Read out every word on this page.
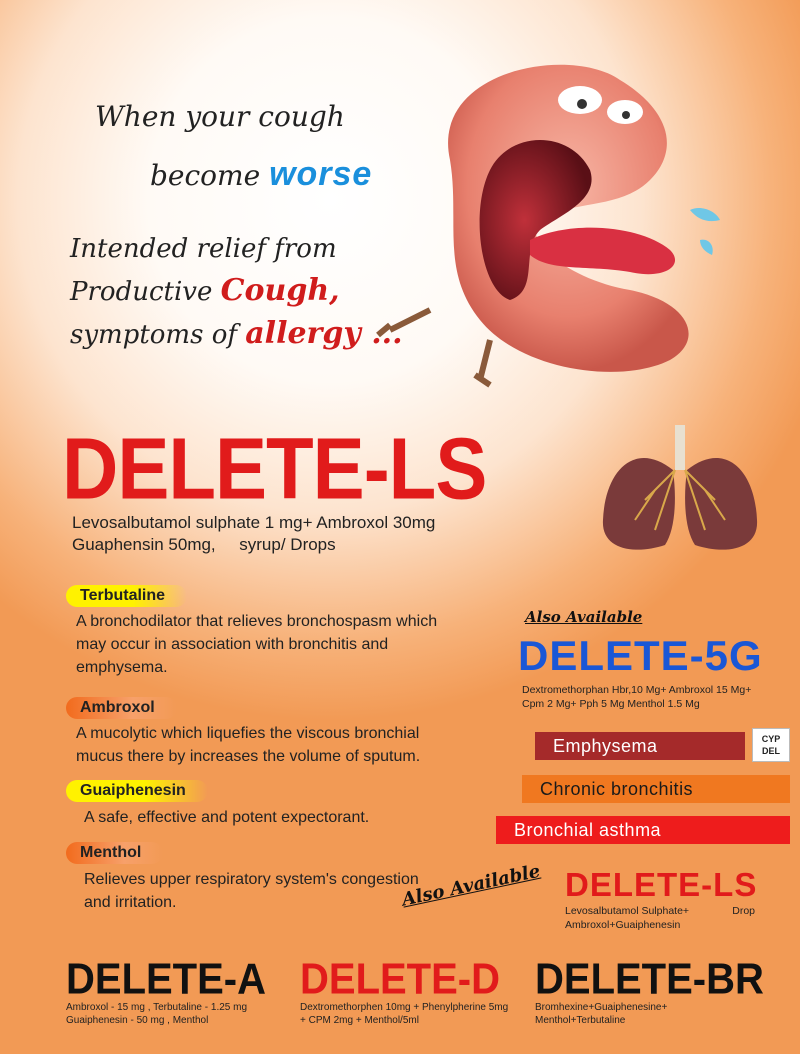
When your cough
become worse
Intended relief from
Productive Cough,
symptoms of allergy ...
DELETE-LS
Levosalbutamol sulphate 1 mg+ Ambroxol 30mg
Guaphensin 50mg,     syrup/ Drops
Terbutaline
A bronchodilator that relieves bronchospasm which
may occur in association with bronchitis and
emphysema.
Ambroxol
A mucolytic which liquefies the viscous bronchial
mucus there by increases the volume of sputum.
Guaiphenesin
A safe, effective and potent expectorant.
Menthol
Relieves upper respiratory system's congestion
and irritation.
Also Available
DELETE-5G
Dextromethorphan Hbr,10 Mg+ Ambroxol 15 Mg+
Cpm 2 Mg+ Pph 5 Mg Menthol 1.5 Mg
Emphysema	CYP
DEL
Chronic bronchitis
Bronchial asthma
Also Available DELETE-LS
Levosalbutamol Sulphate+	Drop
Ambroxol+Guaiphenesin
DELETE-A
Ambroxol - 15 mg , Terbutaline - 1.25 mg
Guaiphenesin - 50 mg , Menthol
DELETE-D
Dextromethorphen 10mg + Phenylpherine 5mg
+ CPM 2mg + Menthol/5ml
DELETE-BR
Bromhexine+Guaiphenesine+
Menthol+Terbutaline
